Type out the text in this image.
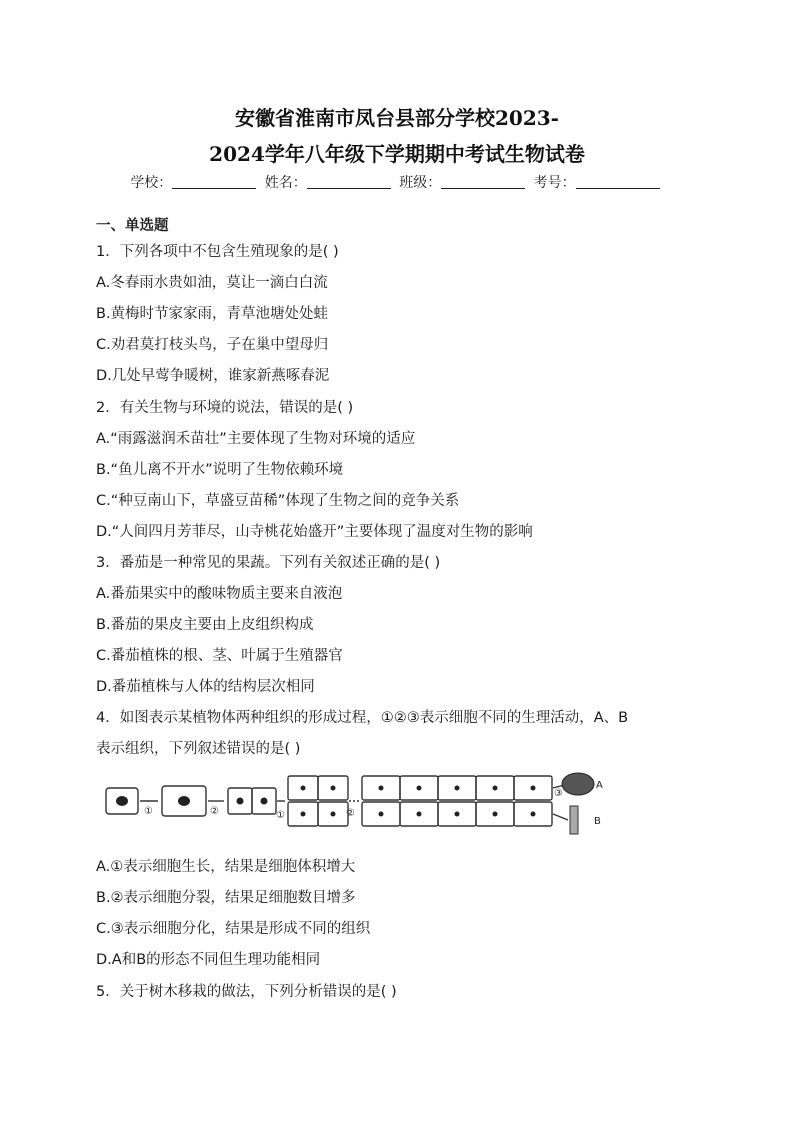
安徽省淮南市凤台县部分学校2023-
2024学年八年级下学期期中考试生物试卷
学校：	姓名：	班级：	考号：
一、单选题
1．下列各项中不包含生殖现象的是( )
A.冬春雨水贵如油，莫让一滴白白流
B.黄梅时节家家雨，青草池塘处处蛙
C.劝君莫打枝头鸟，子在巢中望母归
D.几处早莺争暖树，谁家新燕啄春泥
2．有关生物与环境的说法，错误的是( )
A.“雨露滋润禾苗壮”主要体现了生物对环境的适应
B.“鱼儿离不开水”说明了生物依赖环境
C.“种豆南山下，草盛豆苗稀”体现了生物之间的竞争关系
D.“人间四月芳菲尽，山寺桃花始盛开”主要体现了温度对生物的影响
3．番茄是一种常见的果蔬。下列有关叙述正确的是( )
A.番茄果实中的酸味物质主要来自液泡
B.番茄的果皮主要由上皮组织构成
C.番茄植株的根、茎、叶属于生殖器官
D.番茄植株与人体的结构层次相同
4．如图表示某植物体两种组织的形成过程，①②③表示细胞不同的生理活动，A、B
表示组织，下列叙述错误的是( )
①	②	①	②
③
A
B
A.①表示细胞生长，结果是细胞体积增大
B.②表示细胞分裂，结果足细胞数目增多
C.③表示细胞分化，结果是形成不同的组织
D.A和B的形态不同但生理功能相同
5．关于树木移栽的做法，下列分析错误的是( )
